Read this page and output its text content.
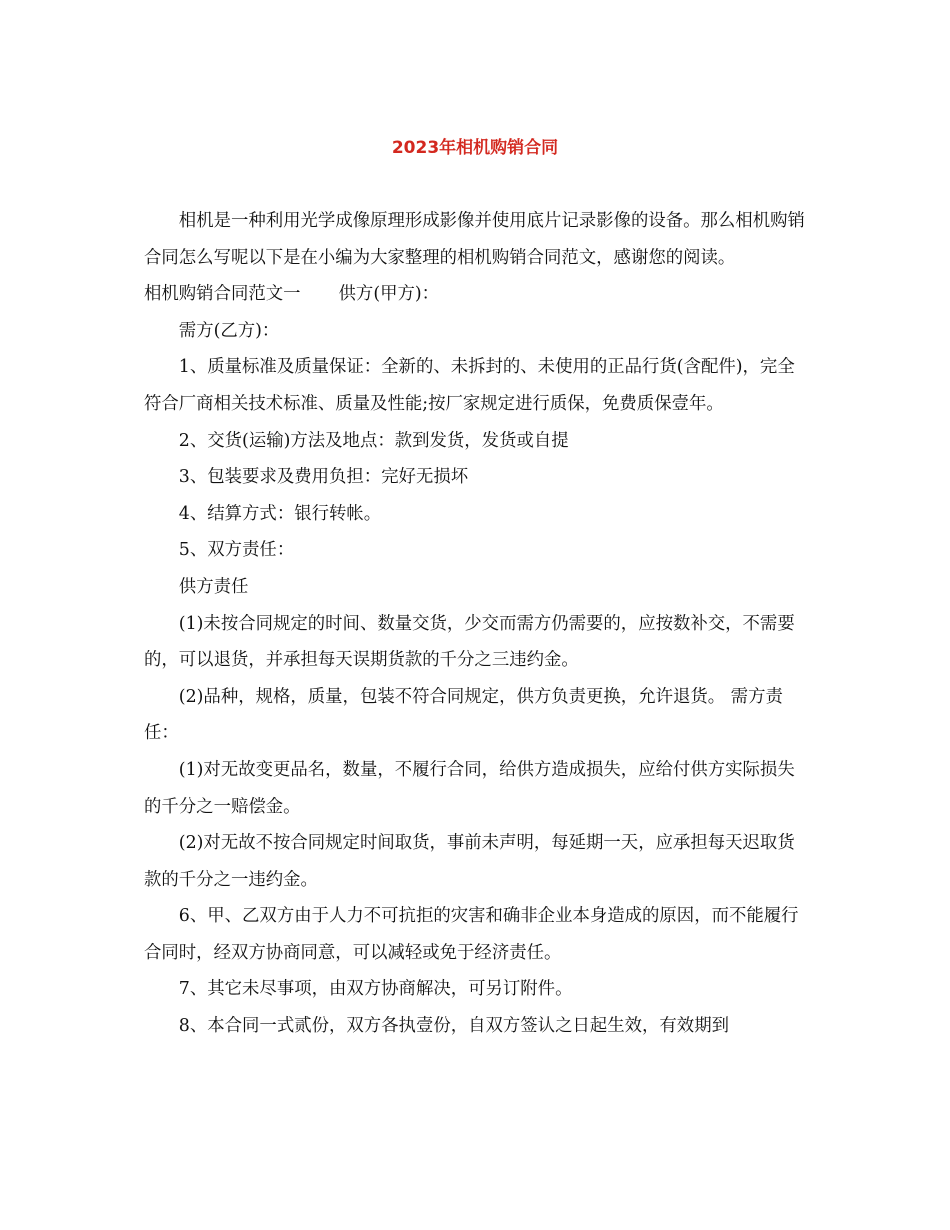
2023年相机购销合同

相机是一种利用光学成像原理形成影像并使用底片记录影像的设备。那么相机购销合同怎么写呢以下是在小编为大家整理的相机购销合同范文，感谢您的阅读。

相机购销合同范文一 供方(甲方)：

需方(乙方)：

1、质量标准及质量保证：全新的、未拆封的、未使用的正品行货(含配件)，完全符合厂商相关技术标准、质量及性能;按厂家规定进行质保，免费质保壹年。

2、交货(运输)方法及地点：款到发货，发货或自提

3、包装要求及费用负担：完好无损坏

4、结算方式：银行转帐。

5、双方责任：

供方责任

(1)未按合同规定的时间、数量交货，少交而需方仍需要的，应按数补交，不需要的，可以退货，并承担每天误期货款的千分之三违约金。

(2)品种，规格，质量，包装不符合同规定，供方负责更换，允许退货。 需方责任：

(1)对无故变更品名，数量，不履行合同，给供方造成损失，应给付供方实际损失的千分之一赔偿金。

(2)对无故不按合同规定时间取货，事前未声明，每延期一天，应承担每天迟取货款的千分之一违约金。

6、甲、乙双方由于人力不可抗拒的灾害和确非企业本身造成的原因，而不能履行合同时，经双方协商同意，可以减轻或免于经济责任。

7、其它未尽事项，由双方协商解决，可另订附件。

8、本合同一式贰份，双方各执壹份，自双方签认之日起生效，有效期到
